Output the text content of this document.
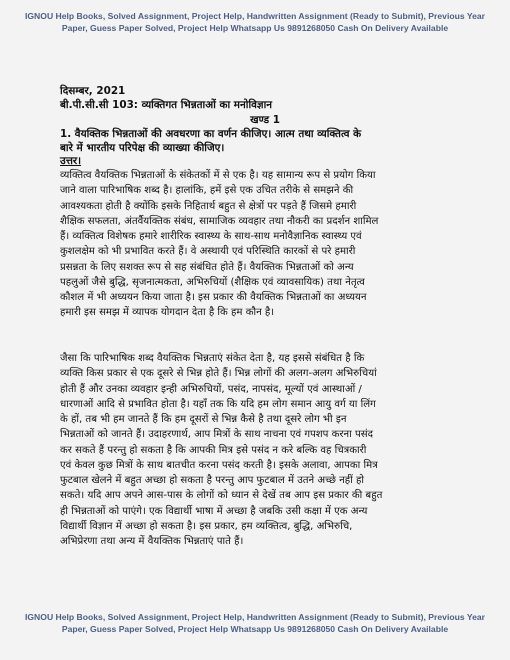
IGNOU Help Books, Solved Assignment, Project Help, Handwritten Assignment (Ready to Submit), Previous Year
Paper, Guess Paper Solved, Project Help Whatsapp Us 9891268050 Cash On Delivery Available
दिसम्बर, 2021
बी.पी.सी.सी 103: व्यक्तिगत भिन्नताओं का मनोविज्ञान
खण्ड 1
1. वैयक्तिक भिन्नताओं की अवधरणा का वर्णन कीजिए। आत्म तथा व्यक्तित्व के
बारे में भारतीय परिपेक्ष की व्याख्या कीजिए।
उत्तर।
व्यक्तित्व वैयक्तिक भिन्नताओं के संकेतकों में से एक है। यह सामान्य रूप से प्रयोग किया
जाने वाला पारिभाषिक शब्द है। हालांकि, हमें इसे एक उचित तरीके से समझने की
आवश्यकता होती है क्योंकि इसके निहितार्थ बहुत से क्षेत्रों पर पड़ते हैं जिसमे हमारी
शैक्षिक सफलता, अंतर्वैयक्तिक संबंध, सामाजिक व्यवहार तथा नौकरी का प्रदर्शन शामिल
हैं। व्यक्तित्व विशेषक हमारे शारीरिक स्वास्थ्य के साथ-साथ मनोवैज्ञानिक स्वास्थ्य एवं
कुशलक्षेम को भी प्रभावित करते हैं। वे अस्थायी एवं परिस्थिति कारकों से परे हमारी
प्रसन्नता के लिए सशक्त रूप से सह संबंधित होते हैं। वैयक्तिक भिन्नताओं को अन्य
पहलुओं जैसे बुद्धि, सृजनात्मकता, अभिरुचियों (शैक्षिक एवं व्यावसायिक) तथा नेतृत्व
कौशल में भी अध्ययन किया जाता है। इस प्रकार की वैयक्तिक भिन्नताओं का अध्ययन
हमारी इस समझ में व्यापक योगदान देता है कि हम कौन है।
जैसा कि पारिभाषिक शब्द वैयक्तिक भिन्नताएं संकेत देता है, यह इससे संबंधित है कि
व्यक्ति किस प्रकार से एक दूसरे से भिन्न होते हैं। भिन्न लोगों की अलग-अलग अभिरुचियां
होती हैं और उनका व्यवहार इन्ही अभिरुचियों, पसंद, नापसंद, मूल्यों एवं आस्थाओं /
धारणाओं आदि से प्रभावित होता है। यहाँ तक कि यदि हम लोग समान आयु वर्ग या लिंग
के हों, तब भी हम जानते हैं कि हम दूसरों से भिन्न कैसे है तथा दूसरे लोग भी इन
भिन्नताओं को जानते हैं। उदाहरणार्थ, आप मित्रों के साथ नाचना एवं गपशप करना पसंद
कर सकते हैं परन्तु हो सकता है कि आपकी मित्र इसे पसंद न करे बल्कि वह चित्रकारी
एवं केवल कुछ मित्रों के साथ बातचीत करना पसंद करती है। इसके अलावा, आपका मित्र
फुटबाल खेलने में बहुत अच्छा हो सकता है परन्तु आप फुटबाल में उतने अच्छे नहीं हो
सकते। यदि आप अपने आस-पास के लोगों को ध्यान से देखें तब आप इस प्रकार की बहुत
ही भिन्नताओं को पाएंगे। एक विद्यार्थी भाषा में अच्छा है जबकि उसी कक्षा में एक अन्य
विद्यार्थी विज्ञान में अच्छा हो सकता है। इस प्रकार, हम व्यक्तित्व, बुद्धि, अभिरुचि,
अभिप्रेरणा तथा अन्य में वैयक्तिक भिन्नताएं पाते हैं।
IGNOU Help Books, Solved Assignment, Project Help, Handwritten Assignment (Ready to Submit), Previous Year
Paper, Guess Paper Solved, Project Help Whatsapp Us 9891268050 Cash On Delivery Available
